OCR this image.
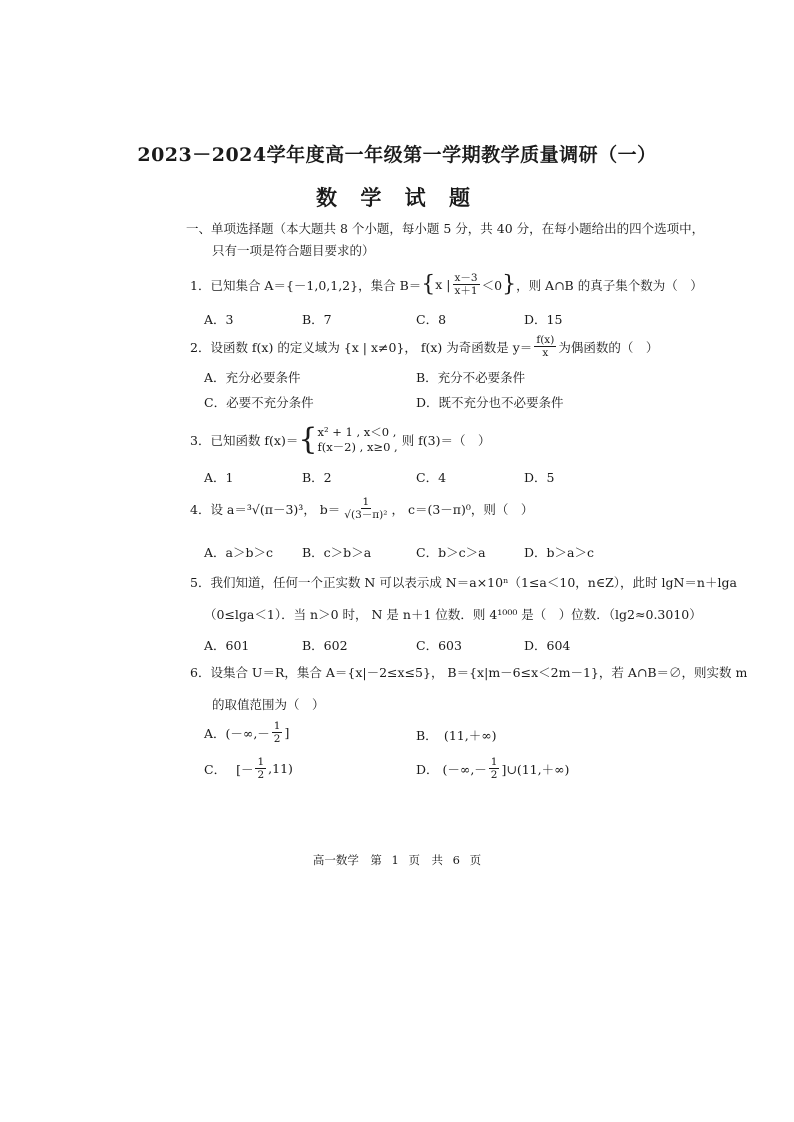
2023－2024学年度高一年级第一学期教学质量调研（一）
数 学 试 题
一、单项选择题（本大题共 8 个小题，每小题 5 分，共 40 分，在每小题给出的四个选项中，
只有一项是符合题目要求的）
1．已知集合 A＝{－1,0,1,2}，集合 B＝ { x | $\frac{x-3}{x+1} <0$ } ，则 A∩B 的真子集个数为（　）
A．3	B．7	C．8	D．15
2．设函数 f(x) 的定义域为 {x | x≠0}， f(x) 为奇函数是 $y= \frac{f(x)}{x}$ 为偶函数的（　）
A．充分必要条件	B．充分不必要条件
C．必要不充分条件	D．既不充分也不必要条件
3．已知函数 f(x)＝ { x² + 1 , x＜0 ,
f(x－2) , x≥0 , 则 f(3)＝（　）
A．1	B．2	C．4	D．5
4．设 a＝ ³√(π－3)³ ， $b= \frac{1}{\text{√(3－π)²}}$ ， c＝(3－π)⁰，则（　）
A．a＞b＞c B．c＞b＞a	C．b＞c＞a	D．b＞a＞c
5．我们知道，任何一个正实数 N 可以表示成 N＝a×10ⁿ（1≤a＜10，n∈Z），此时 lgN＝n＋lga
（0≤lga＜1）．当 n＞0 时， N 是 n＋1 位数．则 4¹⁰⁰⁰ 是（　）位数．（lg2≈0.3010）
A．601	B．602	C．603	D．604
6．设集合 U＝R，集合 A＝{x|－2≤x≤5}， B＝{x|m－6≤x＜2m－1}，若 A∩B＝∅，则实数 m
的取值范围为（　）
A． (－∞,－ $\frac{1}{2}$ ]	B．　(11,＋∞)
C． [－ $\frac{1}{2} ,11$)	D． (－∞,－ $\frac{1}{2}$ ]∪(11,＋∞)
高一数学　第 1 页　共 6 页
